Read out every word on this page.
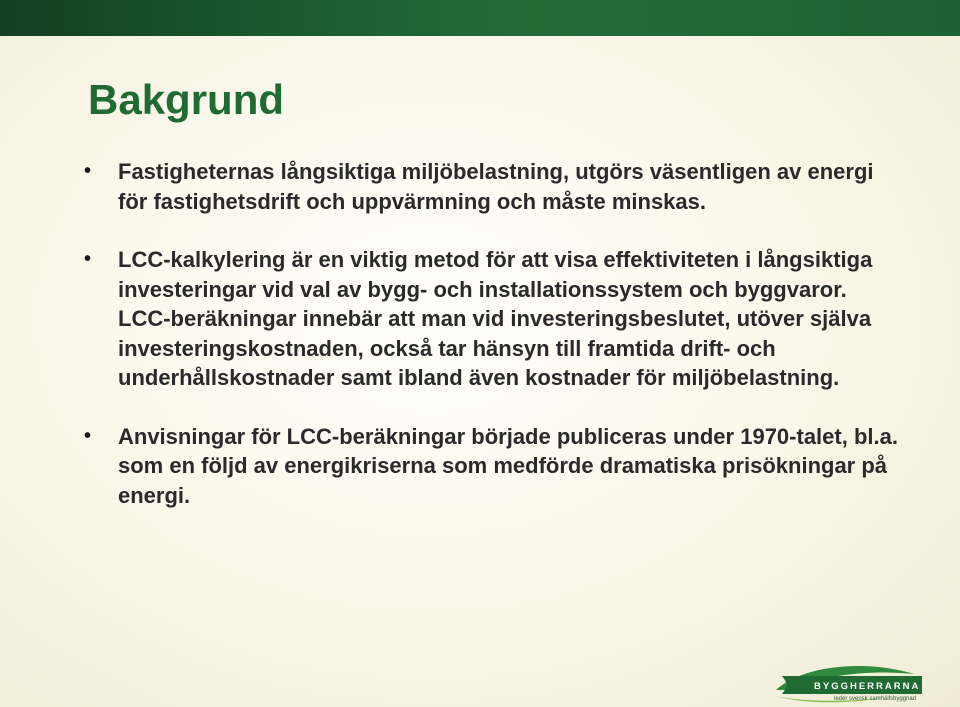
Bakgrund
• Fastigheternas långsiktiga miljöbelastning, utgörs väsentligen av energi för fastighetsdrift och uppvärmning och måste minskas.
• LCC-kalkylering är en viktig metod för att visa effektiviteten i långsiktiga investeringar vid val av bygg- och installationssystem och byggvaror.
LCC-beräkningar innebär att man vid investeringsbeslutet, utöver själva investeringskostnaden, också tar hänsyn till framtida drift- och underhållskostnader samt ibland även kostnader för miljöbelastning.
• Anvisningar för LCC-beräkningar började publiceras under 1970-talet, bl.a. som en följd av energikriserna som medförde dramatiska prisökningar på energi.
BYGGHERRARNA
leder svensk samhällsbyggnad
